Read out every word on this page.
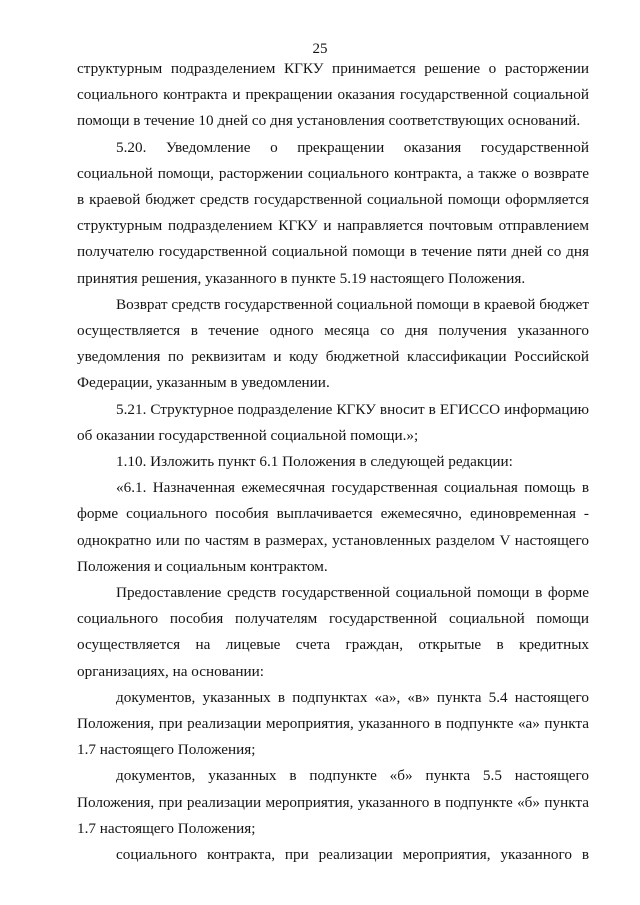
25

структурным подразделением КГКУ принимается решение о расторжении социального контракта и прекращении оказания государственной социальной помощи в течение 10 дней со дня установления соответствующих оснований.

5.20. Уведомление о прекращении оказания государственной социальной помощи, расторжении социального контракта, а также о возврате в краевой бюджет средств государственной социальной помощи оформляется структурным подразделением КГКУ и направляется почтовым отправлением получателю государственной социальной помощи в течение пяти дней со дня принятия решения, указанного в пункте 5.19 настоящего Положения.

Возврат средств государственной социальной помощи в краевой бюджет осуществляется в течение одного месяца со дня получения указанного уведомления по реквизитам и коду бюджетной классификации Российской Федерации, указанным в уведомлении.

5.21. Структурное подразделение КГКУ вносит в ЕГИССО информацию об оказании государственной социальной помощи.»;

1.10. Изложить пункт 6.1 Положения в следующей редакции:

«6.1. Назначенная ежемесячная государственная социальная помощь в форме социального пособия выплачивается ежемесячно, единовременная - однократно или по частям в размерах, установленных разделом V настоящего Положения и социальным контрактом.

Предоставление средств государственной социальной помощи в форме социального пособия получателям государственной социальной помощи осуществляется на лицевые счета граждан, открытые в кредитных организациях, на основании:

документов, указанных в подпунктах «а», «в» пункта 5.4 настоящего Положения, при реализации мероприятия, указанного в подпункте «а» пункта 1.7 настоящего Положения;

документов, указанных в подпункте «б» пункта 5.5 настоящего Положения, при реализации мероприятия, указанного в подпункте «б» пункта 1.7 настоящего Положения;

социального контракта, при реализации мероприятия, указанного в
